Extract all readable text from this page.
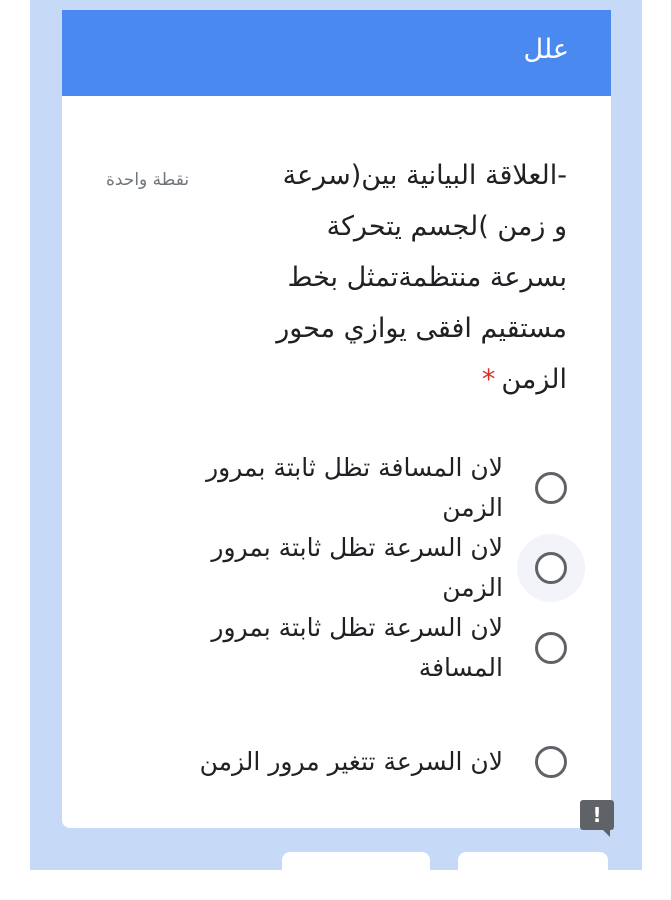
علل
-العلاقة البيانية بين(سرعة
و زمن )لجسم يتحركة
بسرعة منتظمةتمثل بخط
مستقيم افقى يوازي محور
الزمن*
نقطة واحدة
لان المسافة تظل ثابتة بمرور الزمن
لان السرعة تظل ثابتة بمرور الزمن
لان السرعة تظل ثابتة بمرور المسافة
لان السرعة تتغير مرور الزمن
!
